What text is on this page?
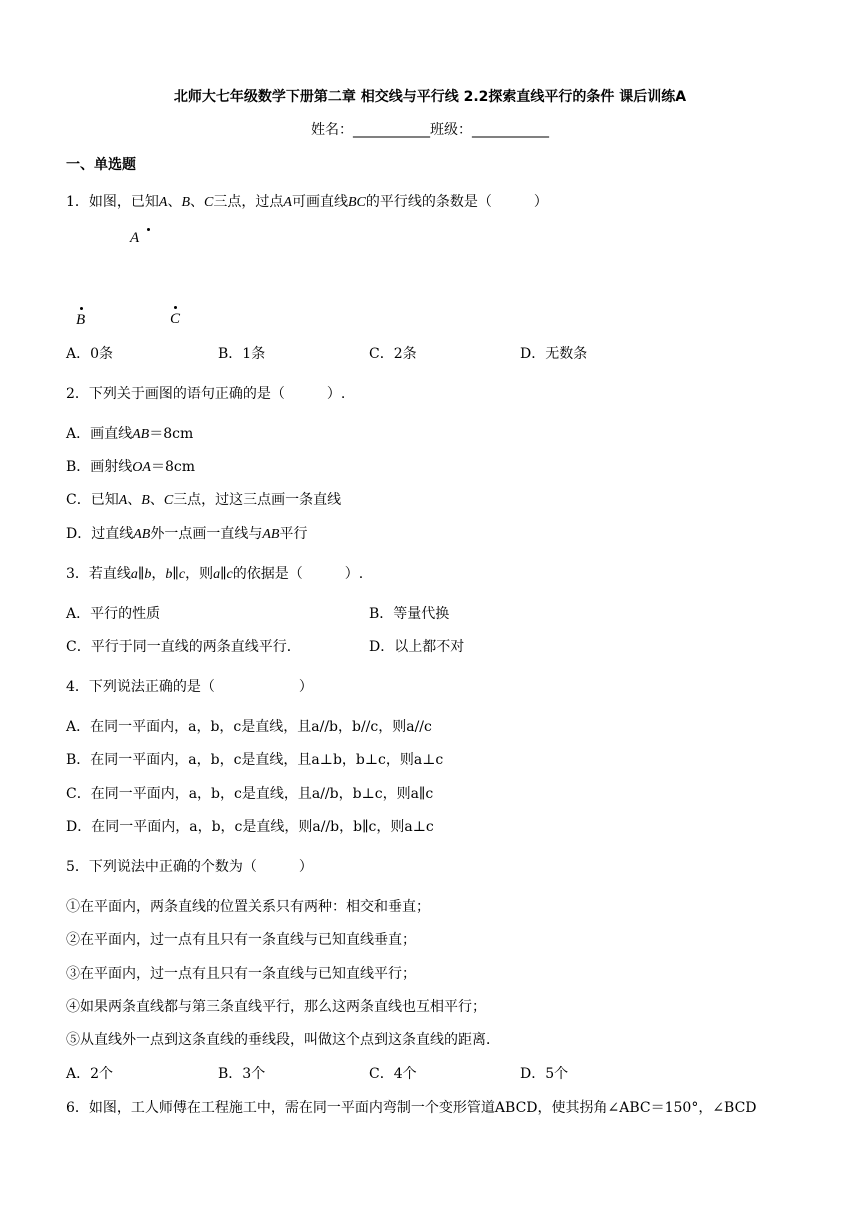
北师大七年级数学下册第二章 相交线与平行线 2.2探索直线平行的条件 课后训练A
姓名：___________班级：___________
一、单选题
1．如图，已知A、B、C三点，过点A可画直线BC的平行线的条数是（　　　）
A
B	C
A．0条	B．1条	C．2条	D．无数条
2．下列关于画图的语句正确的是（　　　）.
A．画直线AB＝8cm
B．画射线OA＝8cm
C．已知A、B、C三点，过这三点画一条直线
D．过直线AB外一点画一直线与AB平行
3．若直线a∥b，b∥c，则a∥c的依据是（　　　）.
A．平行的性质	B．等量代换
C．平行于同一直线的两条直线平行．	D．以上都不对
4．下列说法正确的是（　　　　　　）
A．在同一平面内，a，b，c是直线，且a//b，b//c，则a//c
B．在同一平面内，a，b，c是直线，且a⊥b，b⊥c，则a⊥c
C．在同一平面内，a，b，c是直线，且a//b，b⊥c，则a∥c
D．在同一平面内，a，b，c是直线，则a//b，b∥c，则a⊥c
5．下列说法中正确的个数为（　　　）
①在平面内，两条直线的位置关系只有两种：相交和垂直；
②在平面内，过一点有且只有一条直线与已知直线垂直；
③在平面内，过一点有且只有一条直线与已知直线平行；
④如果两条直线都与第三条直线平行，那么这两条直线也互相平行；
⑤从直线外一点到这条直线的垂线段，叫做这个点到这条直线的距离．
A．2个	B．3个	C．4个	D．5个
6．如图，工人师傅在工程施工中，需在同一平面内弯制一个变形管道ABCD，使其拐角∠ABC＝150°，∠BCD
